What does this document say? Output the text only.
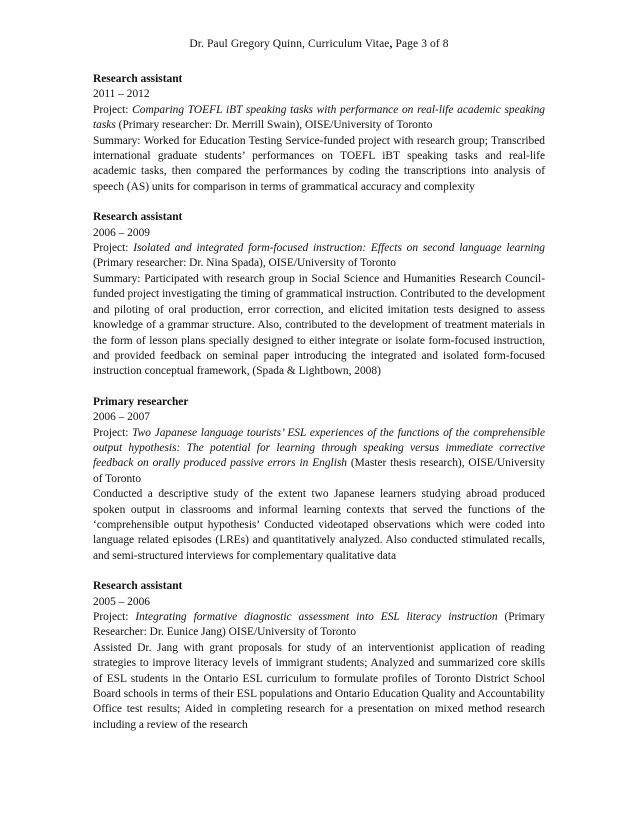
Dr. Paul Gregory Quinn, Curriculum Vitae, Page 3 of 8
Research assistant
2011 – 2012
Project: Comparing TOEFL iBT speaking tasks with performance on real-life academic speaking tasks (Primary researcher: Dr. Merrill Swain), OISE/University of Toronto
Summary: Worked for Education Testing Service-funded project with research group; Transcribed international graduate students’ performances on TOEFL iBT speaking tasks and real-life academic tasks, then compared the performances by coding the transcriptions into analysis of speech (AS) units for comparison in terms of grammatical accuracy and complexity
Research assistant
2006 – 2009
Project: Isolated and integrated form-focused instruction: Effects on second language learning (Primary researcher: Dr. Nina Spada), OISE/University of Toronto
Summary: Participated with research group in Social Science and Humanities Research Council-funded project investigating the timing of grammatical instruction. Contributed to the development and piloting of oral production, error correction, and elicited imitation tests designed to assess knowledge of a grammar structure. Also, contributed to the development of treatment materials in the form of lesson plans specially designed to either integrate or isolate form-focused instruction, and provided feedback on seminal paper introducing the integrated and isolated form-focused instruction conceptual framework, (Spada & Lightbown, 2008)
Primary researcher
2006 – 2007
Project: Two Japanese language tourists’ ESL experiences of the functions of the comprehensible output hypothesis: The potential for learning through speaking versus immediate corrective feedback on orally produced passive errors in English (Master thesis research), OISE/University of Toronto
Conducted a descriptive study of the extent two Japanese learners studying abroad produced spoken output in classrooms and informal learning contexts that served the functions of the ‘comprehensible output hypothesis’ Conducted videotaped observations which were coded into language related episodes (LREs) and quantitatively analyzed. Also conducted stimulated recalls, and semi-structured interviews for complementary qualitative data
Research assistant
2005 – 2006
Project: Integrating formative diagnostic assessment into ESL literacy instruction (Primary Researcher: Dr. Eunice Jang) OISE/University of Toronto
Assisted Dr. Jang with grant proposals for study of an interventionist application of reading strategies to improve literacy levels of immigrant students; Analyzed and summarized core skills of ESL students in the Ontario ESL curriculum to formulate profiles of Toronto District School Board schools in terms of their ESL populations and Ontario Education Quality and Accountability Office test results; Aided in completing research for a presentation on mixed method research including a review of the research
